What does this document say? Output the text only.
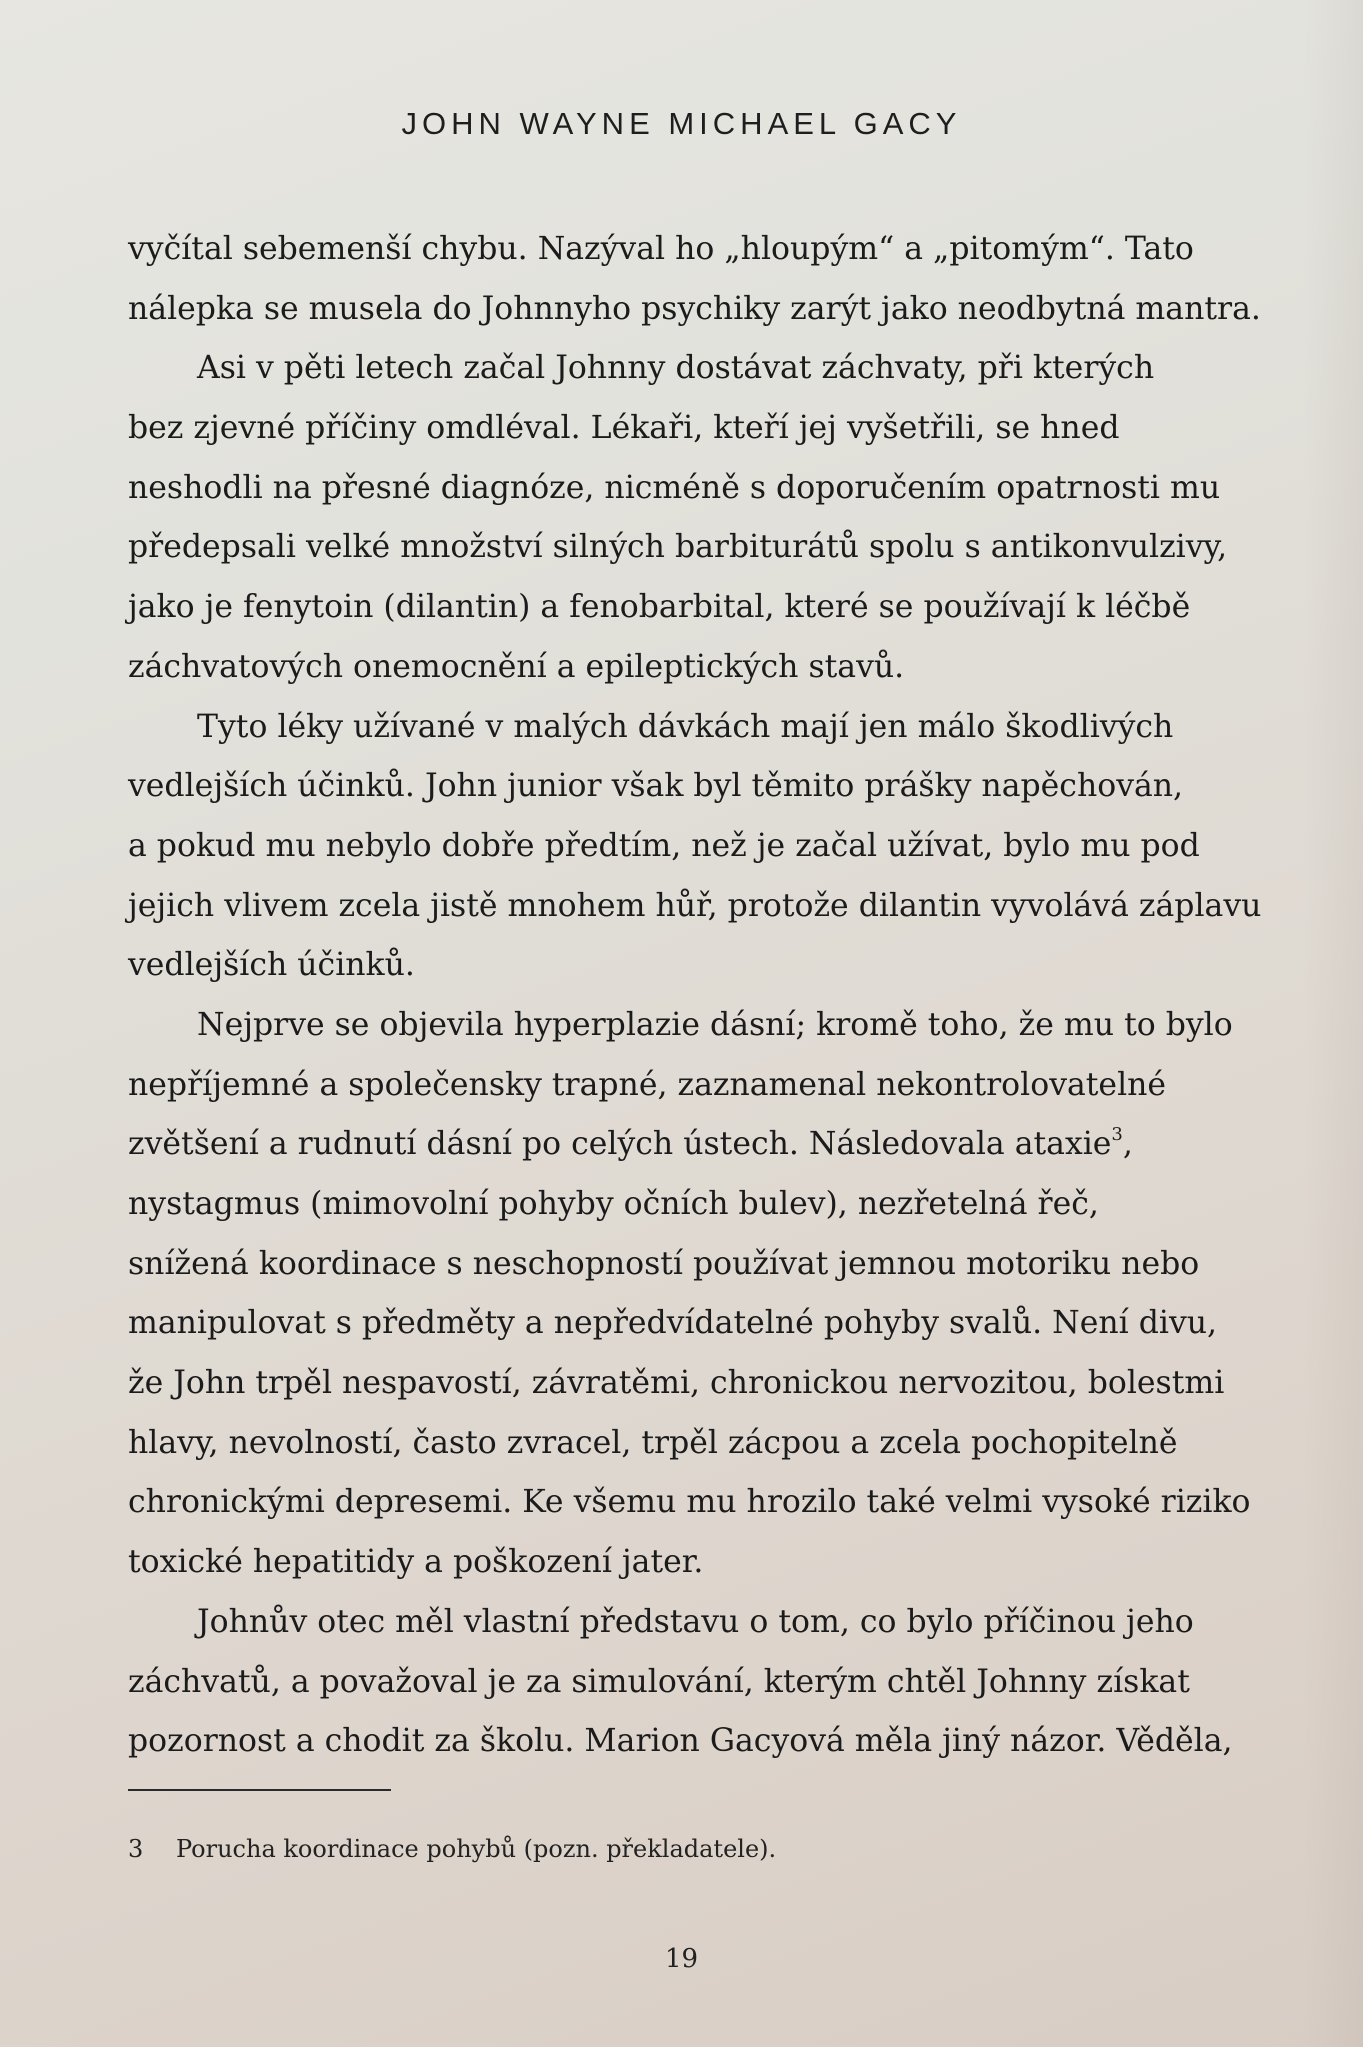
JOHN WAYNE MICHAEL GACY
vyčítal sebemenší chybu. Nazýval ho „hloupým“ a „pitomým“. Tato
nálepka se musela do Johnnyho psychiky zarýt jako neodbytná mantra.
Asi v pěti letech začal Johnny dostávat záchvaty, při kterých
bez zjevné příčiny omdléval. Lékaři, kteří jej vyšetřili, se hned
neshodli na přesné diagnóze, nicméně s doporučením opatrnosti mu
předepsali velké množství silných barbiturátů spolu s antikonvulzivy,
jako je fenytoin (dilantin) a fenobarbital, které se používají k léčbě
záchvatových onemocnění a epileptických stavů.
Tyto léky užívané v malých dávkách mají jen málo škodlivých
vedlejších účinků. John junior však byl těmito prášky napěchován,
a pokud mu nebylo dobře předtím, než je začal užívat, bylo mu pod
jejich vlivem zcela jistě mnohem hůř, protože dilantin vyvolává záplavu
vedlejších účinků.
Nejprve se objevila hyperplazie dásní; kromě toho, že mu to bylo
nepříjemné a společensky trapné, zaznamenal nekontrolovatelné
zvětšení a rudnutí dásní po celých ústech. Následovala ataxie$^3$,
nystagmus (mimovolní pohyby očních bulev), nezřetelná řeč,
snížená koordinace s neschopností používat jemnou motoriku nebo
manipulovat s předměty a nepředvídatelné pohyby svalů. Není divu,
že John trpěl nespavostí, závratěmi, chronickou nervozitou, bolestmi
hlavy, nevolností, často zvracel, trpěl zácpou a zcela pochopitelně
chronickými depresemi. Ke všemu mu hrozilo také velmi vysoké riziko
toxické hepatitidy a poškození jater.
Johnův otec měl vlastní představu o tom, co bylo příčinou jeho
záchvatů, a považoval je za simulování, kterým chtěl Johnny získat
pozornost a chodit za školu. Marion Gacyová měla jiný názor. Věděla,
3 Porucha koordinace pohybů (pozn. překladatele).
19
